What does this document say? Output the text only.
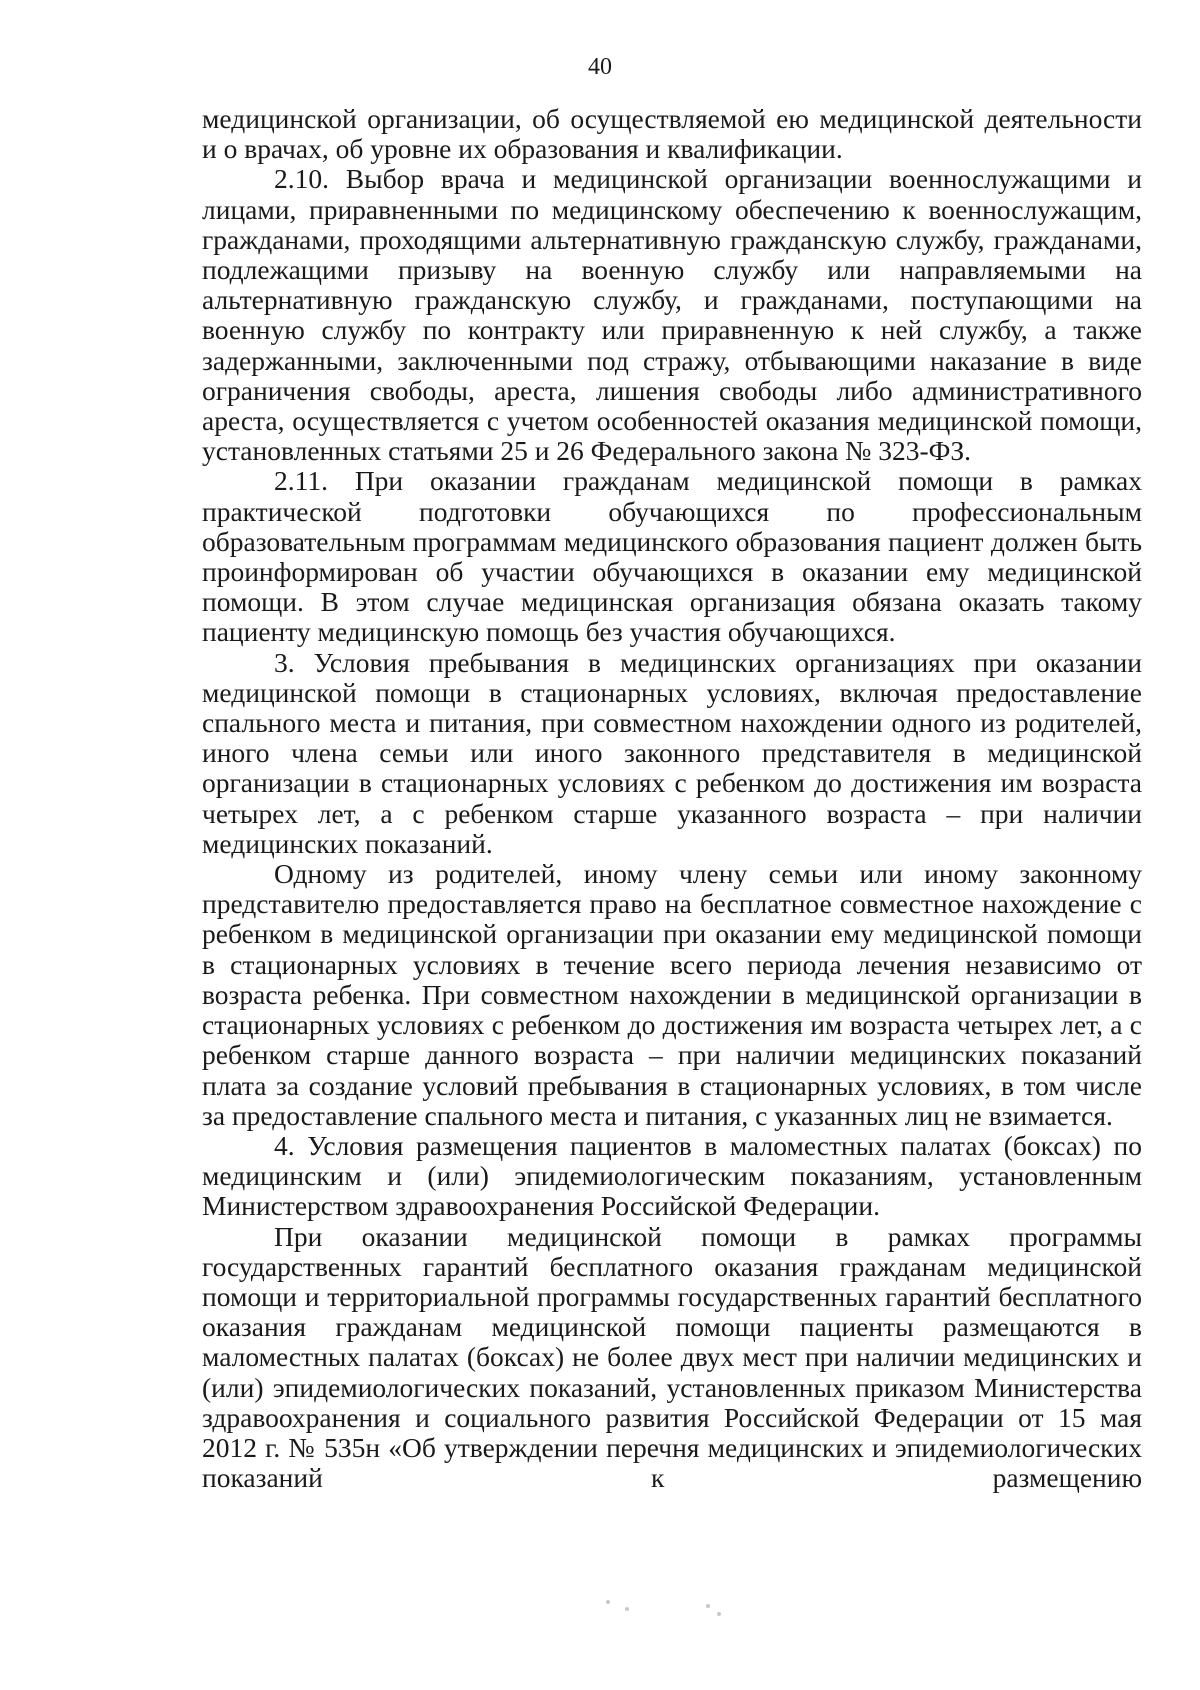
40

медицинской организации, об осуществляемой ею медицинской деятельности и о врачах, об уровне их образования и квалификации.

2.10. Выбор врача и медицинской организации военнослужащими и лицами, приравненными по медицинскому обеспечению к военнослужащим, гражданами, проходящими альтернативную гражданскую службу, гражданами, подлежащими призыву на военную службу или направляемыми на альтернативную гражданскую службу, и гражданами, поступающими на военную службу по контракту или приравненную к ней службу, а также задержанными, заключенными под стражу, отбывающими наказание в виде ограничения свободы, ареста, лишения свободы либо административного ареста, осуществляется с учетом особенностей оказания медицинской помощи, установленных статьями 25 и 26 Федерального закона № 323-ФЗ.

2.11. При оказании гражданам медицинской помощи в рамках практической подготовки обучающихся по профессиональным образовательным программам медицинского образования пациент должен быть проинформирован об участии обучающихся в оказании ему медицинской помощи. В этом случае медицинская организация обязана оказать такому пациенту медицинскую помощь без участия обучающихся.

3. Условия пребывания в медицинских организациях при оказании медицинской помощи в стационарных условиях, включая предоставление спального места и питания, при совместном нахождении одного из родителей, иного члена семьи или иного законного представителя в медицинской организации в стационарных условиях с ребенком до достижения им возраста четырех лет, а с ребенком старше указанного возраста – при наличии медицинских показаний.

Одному из родителей, иному члену семьи или иному законному представителю предоставляется право на бесплатное совместное нахождение с ребенком в медицинской организации при оказании ему медицинской помощи в стационарных условиях в течение всего периода лечения независимо от возраста ребенка. При совместном нахождении в медицинской организации в стационарных условиях с ребенком до достижения им возраста четырех лет, а с ребенком старше данного возраста – при наличии медицинских показаний плата за создание условий пребывания в стационарных условиях, в том числе за предоставление спального места и питания, с указанных лиц не взимается.

4. Условия размещения пациентов в маломестных палатах (боксах) по медицинским и (или) эпидемиологическим показаниям, установленным Министерством здравоохранения Российской Федерации.

При оказании медицинской помощи в рамках программы государственных гарантий бесплатного оказания гражданам медицинской помощи и территориальной программы государственных гарантий бесплатного оказания гражданам медицинской помощи пациенты размещаются в маломестных палатах (боксах) не более двух мест при наличии медицинских и (или) эпидемиологических показаний, установленных приказом Министерства здравоохранения и социального развития Российской Федерации от 15 мая 2012 г. № 535н «Об утверждении перечня медицинских и эпидемиологических показаний к размещению
